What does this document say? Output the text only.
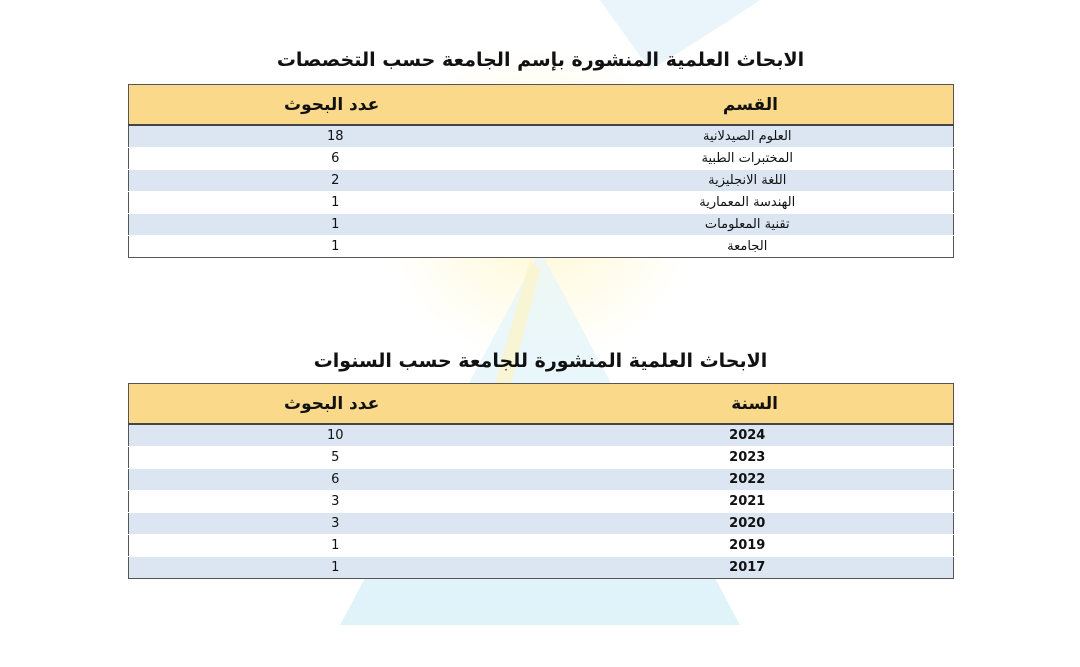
الابحاث العلمية المنشورة بإسم الجامعة حسب التخصصات
القسم	عدد البحوث
العلوم الصيدلانية	18
المختبرات الطبية	6
اللغة الانجليزية	2
الهندسة المعمارية	1
تقنية المعلومات	1
الجامعة	1
الابحاث العلمية المنشورة للجامعة حسب السنوات
السنة	عدد البحوث
2024	10
2023	5
2022	6
2021	3
2020	3
2019	1
2017	1
